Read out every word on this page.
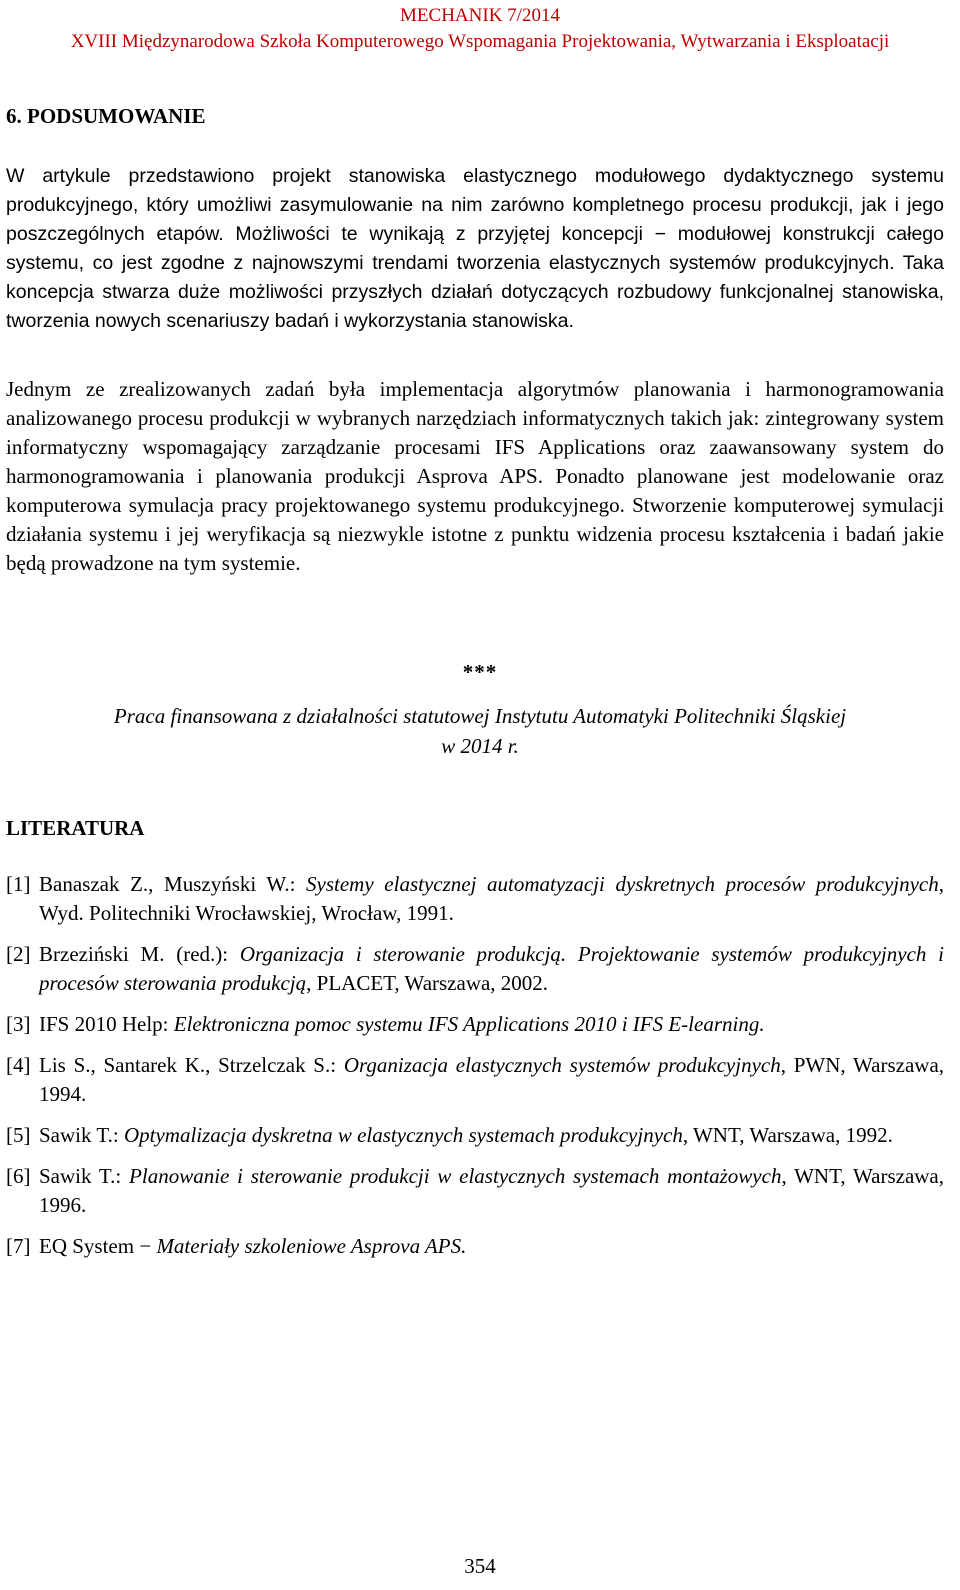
MECHANIK 7/2014
XVIII Międzynarodowa Szkoła Komputerowego Wspomagania Projektowania, Wytwarzania i Eksploatacji
6. PODSUMOWANIE

W artykule przedstawiono projekt stanowiska elastycznego modułowego dydaktycznego systemu produkcyjnego, który umożliwi zasymulowanie na nim zarówno kompletnego procesu produkcji, jak i jego poszczególnych etapów. Możliwości te wynikają z przyjętej koncepcji − modułowej konstrukcji całego systemu, co jest zgodne z najnowszymi trendami tworzenia elastycznych systemów produkcyjnych. Taka koncepcja stwarza duże możliwości przyszłych działań dotyczących rozbudowy funkcjonalnej stanowiska, tworzenia nowych scenariuszy badań i wykorzystania stanowiska.

Jednym ze zrealizowanych zadań była implementacja algorytmów planowania i harmonogramowania analizowanego procesu produkcji w wybranych narzędziach informatycznych takich jak: zintegrowany system informatyczny wspomagający zarządzanie procesami IFS Applications oraz zaawansowany system do harmonogramowania i planowania produkcji Asprova APS. Ponadto planowane jest modelowanie oraz komputerowa symulacja pracy projektowanego systemu produkcyjnego. Stworzenie komputerowej symulacji działania systemu i jej weryfikacja są niezwykle istotne z punktu widzenia procesu kształcenia i badań jakie będą prowadzone na tym systemie.

***
Praca finansowana z działalności statutowej Instytutu Automatyki Politechniki Śląskiej
w 2014 r.
LITERATURA
[1] Banaszak Z., Muszyński W.: Systemy elastycznej automatyzacji dyskretnych procesów produkcyjnych, Wyd. Politechniki Wrocławskiej, Wrocław, 1991.
[2] Brzeziński M. (red.): Organizacja i sterowanie produkcją. Projektowanie systemów produkcyjnych i procesów sterowania produkcją, PLACET, Warszawa, 2002.
[3] IFS 2010 Help: Elektroniczna pomoc systemu IFS Applications 2010 i IFS E-learning.
[4] Lis S., Santarek K., Strzelczak S.: Organizacja elastycznych systemów produkcyjnych, PWN, Warszawa, 1994.
[5] Sawik T.: Optymalizacja dyskretna w elastycznych systemach produkcyjnych, WNT, Warszawa, 1992.
[6] Sawik T.: Planowanie i sterowanie produkcji w elastycznych systemach montażowych, WNT, Warszawa, 1996.
[7] EQ System − Materiały szkoleniowe Asprova APS.
354
